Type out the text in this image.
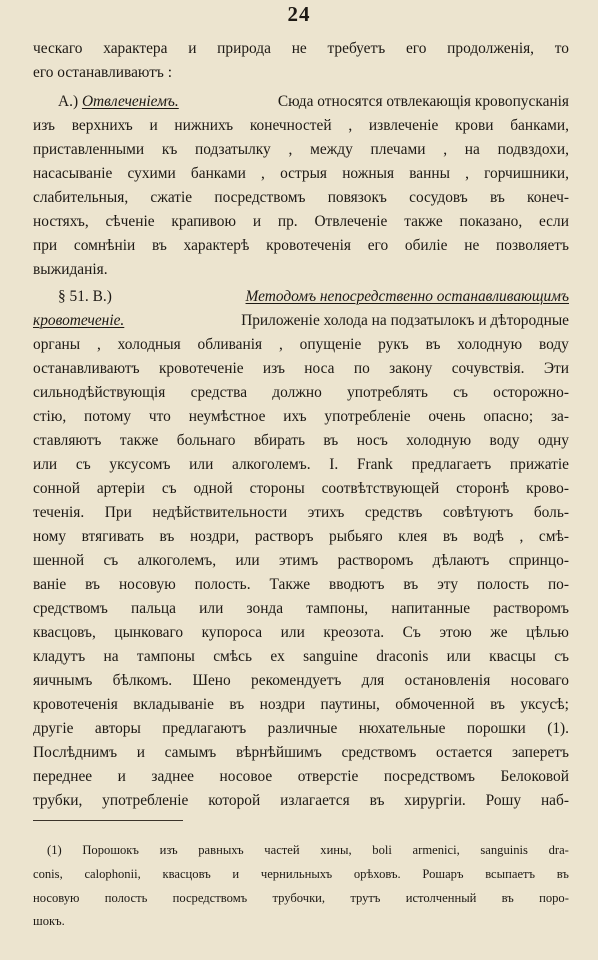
24
ческаго характера и природа не требуетъ его продолженія, то
его останавливаютъ :
А.) Отвлеченіемъ.	Сюда относятся отвлекающія кровопусканія
изъ верхнихъ и нижнихъ конечностей , извлеченіе крови банками,
приставленными къ подзатылку , между плечами , на подвздохи,
насасываніе сухими банками , острыя ножныя ванны , горчишники,
слабительныя, сжатіе посредствомъ повязокъ сосудовъ въ конеч-
ностяхъ, сѣченіе крапивою и пр. Отвлеченіе также показано, если
при сомнѣніи въ характерѣ кровотеченія его обиліе не позволяетъ
выжиданія.
§ 51. В.)	Методомъ непосредственно останавливающимъ
кровотеченіе.	Приложеніе холода на подзатылокъ и дѣтородные
органы , холодныя обливанія , опущеніе рукъ въ холодную воду
останавливаютъ кровотеченіе изъ носа по закону сочувствія. Эти
сильнодѣйствующія средства должно употреблять съ осторожно-
стію, потому что неумѣстное ихъ употребленіе очень опасно; за-
ставляютъ также больнаго вбирать въ носъ холодную воду одну
или съ уксусомъ или алкоголемъ. I. Frank предлагаетъ прижатіе
сонной артеріи съ одной стороны соотвѣтствующей сторонѣ крово-
теченія. При недѣйствительности этихъ средствъ совѣтуютъ боль-
ному втягивать въ ноздри, растворъ рыбьяго клея въ водѣ , смѣ-
шенной съ алкоголемъ, или этимъ растворомъ дѣлаютъ спринцо-
ваніе въ носовую полость. Также вводютъ въ эту полость по-
средствомъ пальца или зонда тампоны, напитанные растворомъ
квасцовъ, цынковаго купороса или креозота. Съ этою же цѣлью
кладутъ на тампоны смѣсь ex sanguine draconis или квасцы съ
яичнымъ бѣлкомъ. Шено рекомендуетъ для остановленія носоваго
кровотеченія вкладываніе въ ноздри паутины, обмоченной въ уксусѣ;
другіе авторы предлагаютъ различные нюхательные порошки (1).
Послѣднимъ и самымъ вѣрнѣйшимъ средствомъ остается заперетъ
переднее и заднее носовое отверстіе посредствомъ Белоковой
трубки, употребленіе которой излагается въ хирургіи. Рошу наб-
(1) Порошокъ изъ равныхъ частей хины, boli armenici, sanguinis dra-
conis, calophonii, квасцовъ и чернильныхъ орѣховъ. Рошаръ всыпаетъ въ
носовую полость посредствомъ трубочки, трутъ истолченный въ поро-
шокъ.
